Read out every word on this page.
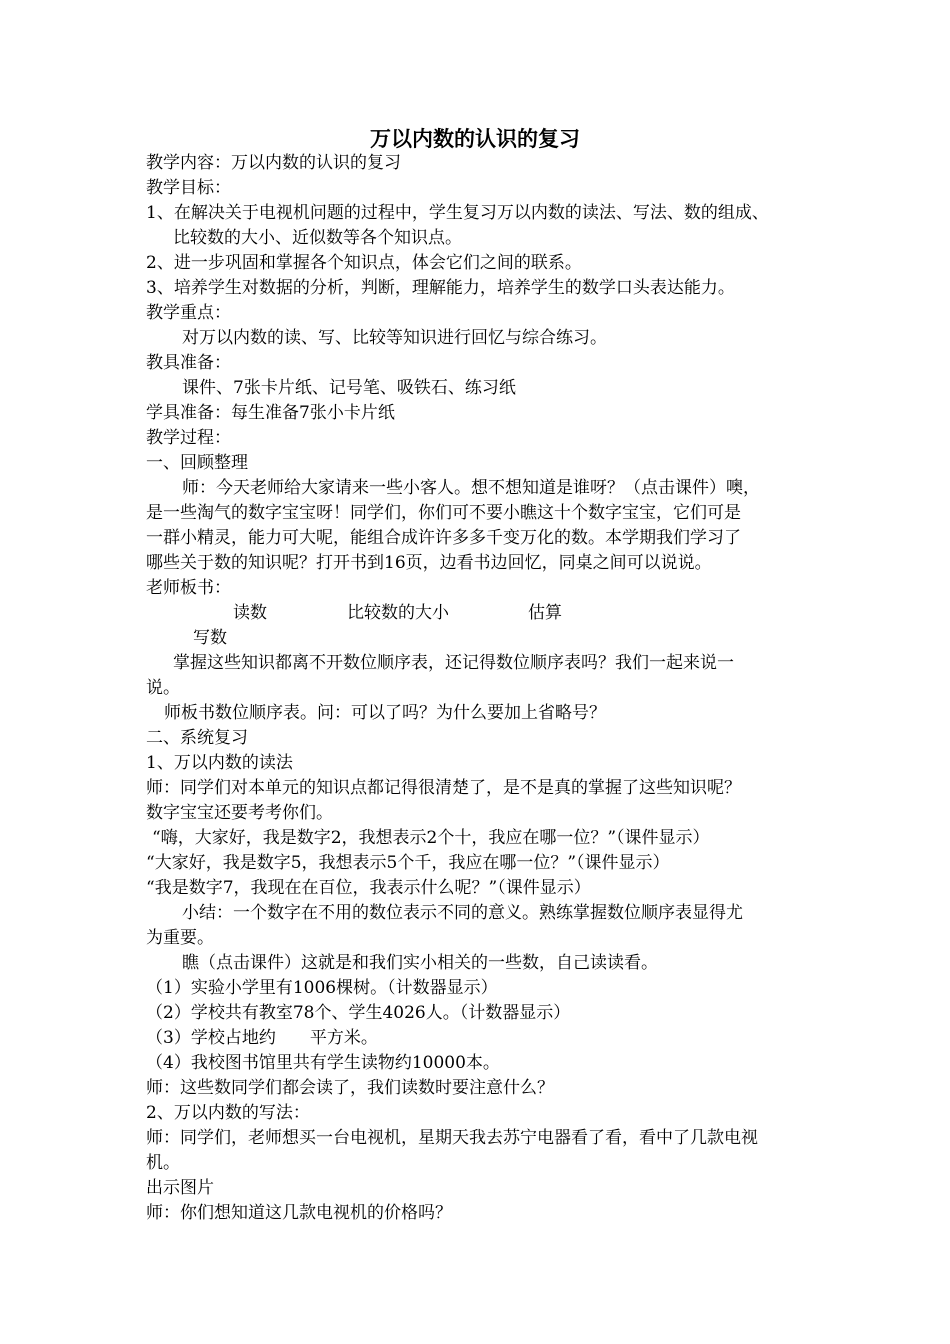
万以内数的认识的复习
教学内容：万以内数的认识的复习
教学目标：
1、在解决关于电视机问题的过程中，学生复习万以内数的读法、写法、数的组成、
比较数的大小、近似数等各个知识点。
2、进一步巩固和掌握各个知识点，体会它们之间的联系。
3、培养学生对数据的分析，判断，理解能力，培养学生的数学口头表达能力。
教学重点：
对万以内数的读、写、比较等知识进行回忆与综合练习。
教具准备：
课件、7张卡片纸、记号笔、吸铁石、练习纸
学具准备：每生准备7张小卡片纸
教学过程：
一、回顾整理
师：今天老师给大家请来一些小客人。想不想知道是谁呀？（点击课件）噢，
是一些淘气的数字宝宝呀！同学们，你们可不要小瞧这十个数字宝宝，它们可是
一群小精灵，能力可大呢，能组合成许许多多千变万化的数。本学期我们学习了
哪些关于数的知识呢？打开书到16页，边看书边回忆，同桌之间可以说说。
老师板书：
读数	比较数的大小	估算
写数
掌握这些知识都离不开数位顺序表，还记得数位顺序表吗？我们一起来说一
说。
师板书数位顺序表。问：可以了吗？为什么要加上省略号？
二、系统复习
1、万以内数的读法
师：同学们对本单元的知识点都记得很清楚了，是不是真的掌握了这些知识呢？
数字宝宝还要考考你们。
“嗨，大家好，我是数字2，我想表示2个十，我应在哪一位？”（课件显示）
“大家好，我是数字5，我想表示5个千，我应在哪一位？”（课件显示）
“我是数字7，我现在在百位，我表示什么呢？”（课件显示）
小结：一个数字在不用的数位表示不同的意义。熟练掌握数位顺序表显得尤
为重要。
瞧（点击课件）这就是和我们实小相关的一些数，自己读读看。
（1）实验小学里有1006棵树。（计数器显示）
（2）学校共有教室78个、学生4026人。（计数器显示）
（3）学校占地约　　平方米。
（4）我校图书馆里共有学生读物约10000本。
师：这些数同学们都会读了，我们读数时要注意什么？
2、万以内数的写法：
师：同学们，老师想买一台电视机，星期天我去苏宁电器看了看，看中了几款电视
机。
出示图片
师：你们想知道这几款电视机的价格吗？
